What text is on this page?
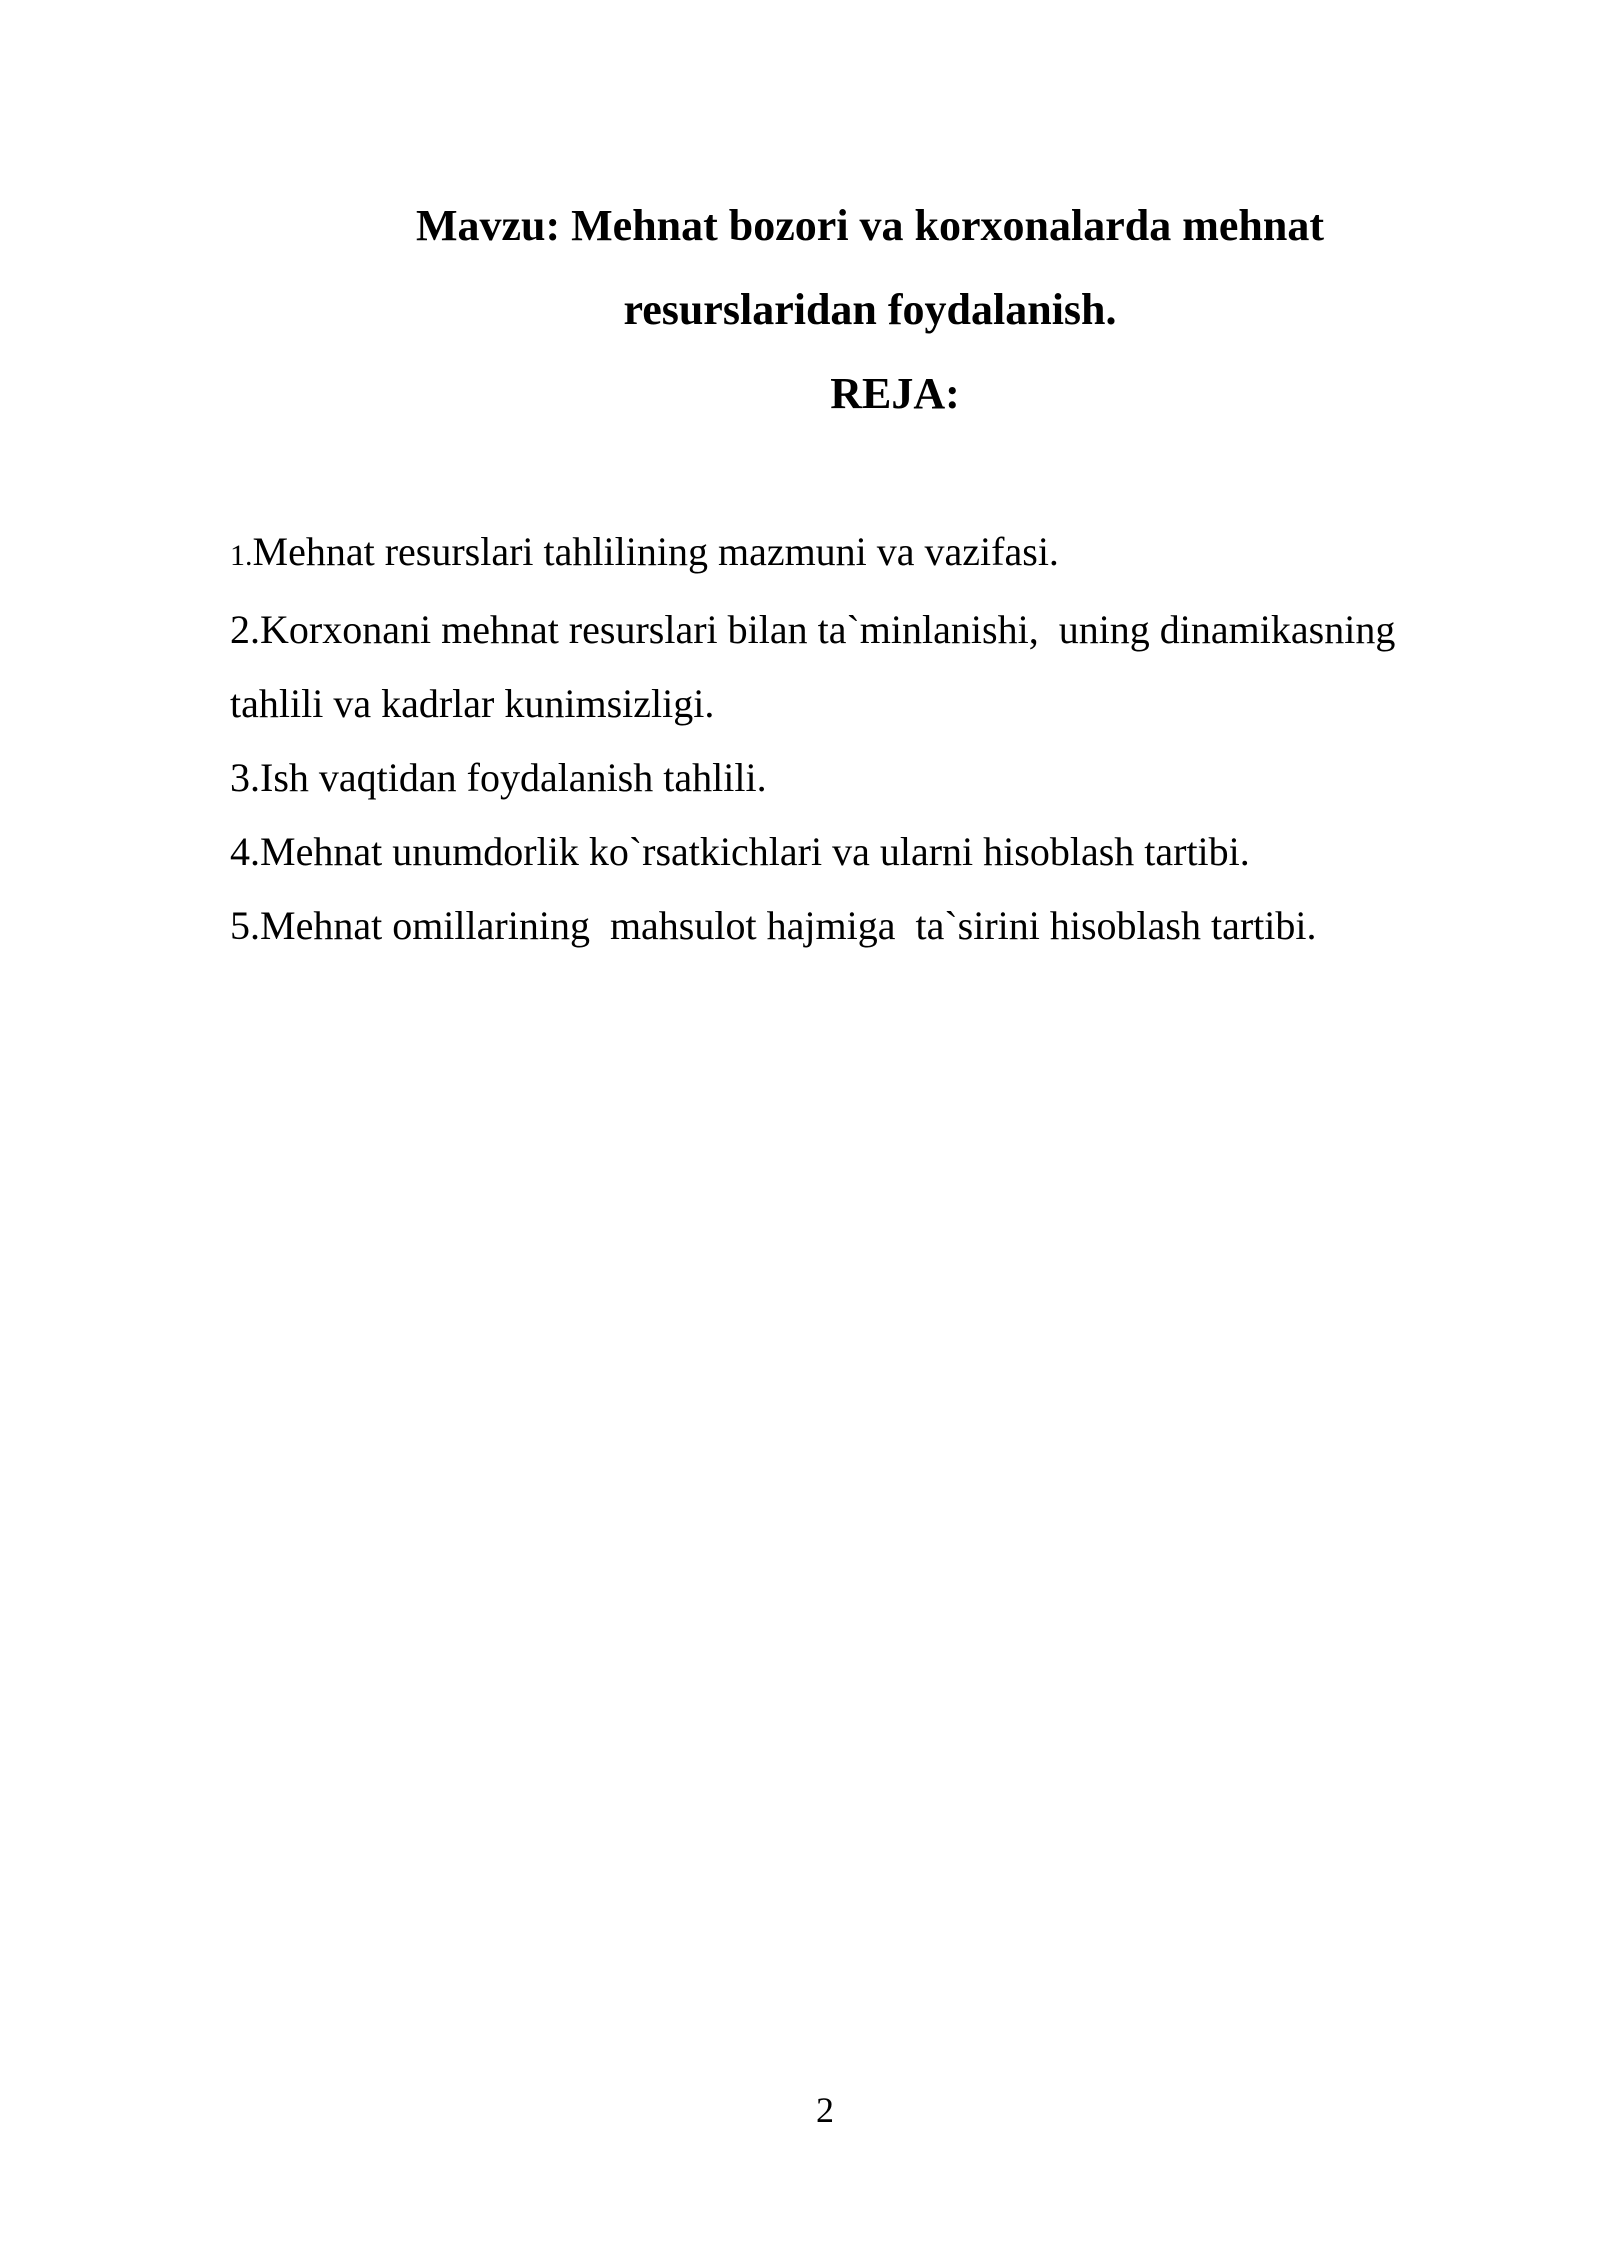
Mavzu: Mehnat bozori va korxonalarda mehnat
resurslaridan foydalanish.
REJA:
1.Mehnat resurslari tahlilining mazmuni va vazifasi.
2.Korxonani mehnat resurslari bilan ta`minlanishi,  uning dinamikasning
tahlili va kadrlar kunimsizligi.
3.Ish vaqtidan foydalanish tahlili.
4.Mehnat unumdorlik ko`rsatkichlari va ularni hisoblash tartibi.
5.Mehnat omillarining  mahsulot hajmiga  ta`sirini hisoblash tartibi.
2
